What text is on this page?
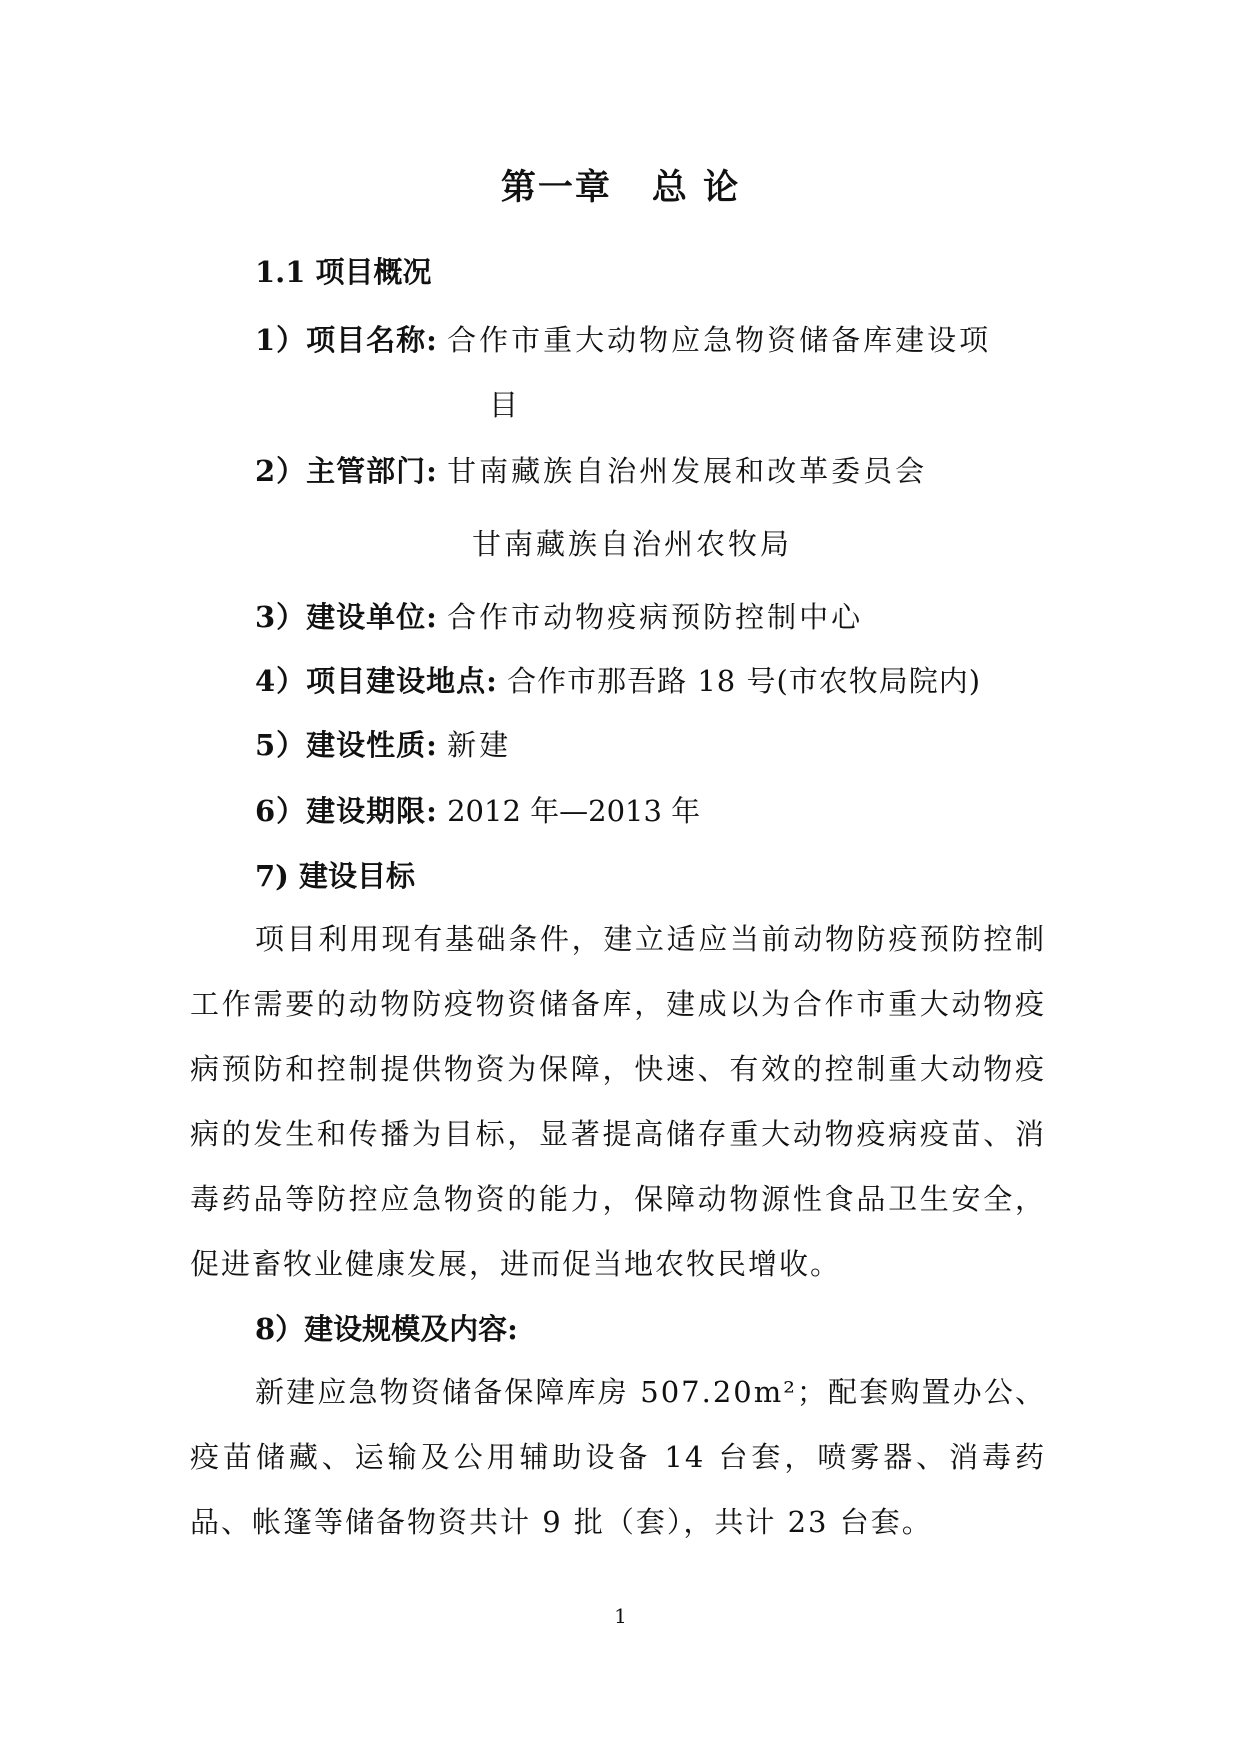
第一章 总 论
1.1 项目概况
1）项目名称: 合作市重大动物应急物资储备库建设项
目
2）主管部门: 甘南藏族自治州发展和改革委员会
甘南藏族自治州农牧局
3）建设单位: 合作市动物疫病预防控制中心
4）项目建设地点: 合作市那吾路 18 号(市农牧局院内)
5）建设性质: 新建
6）建设期限: 2012 年—2013 年
7) 建设目标

项目利用现有基础条件，建立适应当前动物防疫预防控制工作需要的动物防疫物资储备库，建成以为合作市重大动物疫病预防和控制提供物资为保障，快速、有效的控制重大动物疫病的发生和传播为目标，显著提高储存重大动物疫病疫苗、消毒药品等防控应急物资的能力，保障动物源性食品卫生安全，促进畜牧业健康发展，进而促当地农牧民增收。

8）建设规模及内容:

新建应急物资储备保障库房 507.20m²；配套购置办公、疫苗储藏、运输及公用辅助设备 14 台套，喷雾器、消毒药品、帐篷等储备物资共计 9 批（套），共计 23 台套。

1
